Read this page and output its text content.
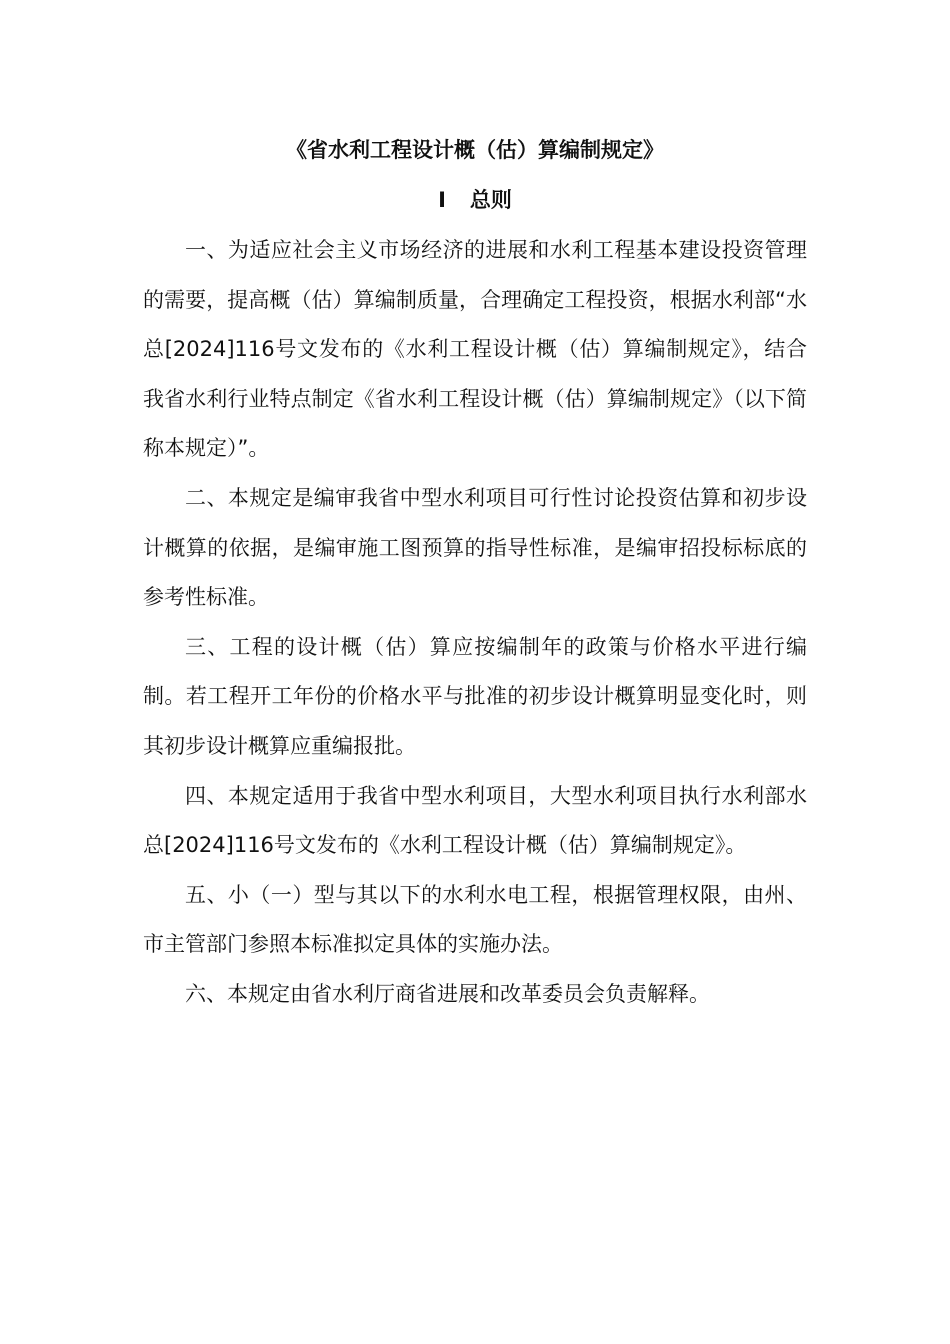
《省水利工程设计概（估）算编制规定》
I 总则

一、为适应社会主义市场经济的进展和水利工程基本建设投资管理的需要，提高概（估）算编制质量，合理确定工程投资，根据水利部“水总[2024]116号文发布的《水利工程设计概（估）算编制规定》，结合我省水利行业特点制定《省水利工程设计概（估）算编制规定》（以下简称本规定）”。

二、本规定是编审我省中型水利项目可行性讨论投资估算和初步设计概算的依据，是编审施工图预算的指导性标准，是编审招投标标底的参考性标准。

三、工程的设计概（估）算应按编制年的政策与价格水平进行编制。若工程开工年份的价格水平与批准的初步设计概算明显变化时，则其初步设计概算应重编报批。

四、本规定适用于我省中型水利项目，大型水利项目执行水利部水总[2024]116号文发布的《水利工程设计概（估）算编制规定》。

五、小（一）型与其以下的水利水电工程，根据管理权限，由州、市主管部门参照本标准拟定具体的实施办法。

六、本规定由省水利厅商省进展和改革委员会负责解释。
